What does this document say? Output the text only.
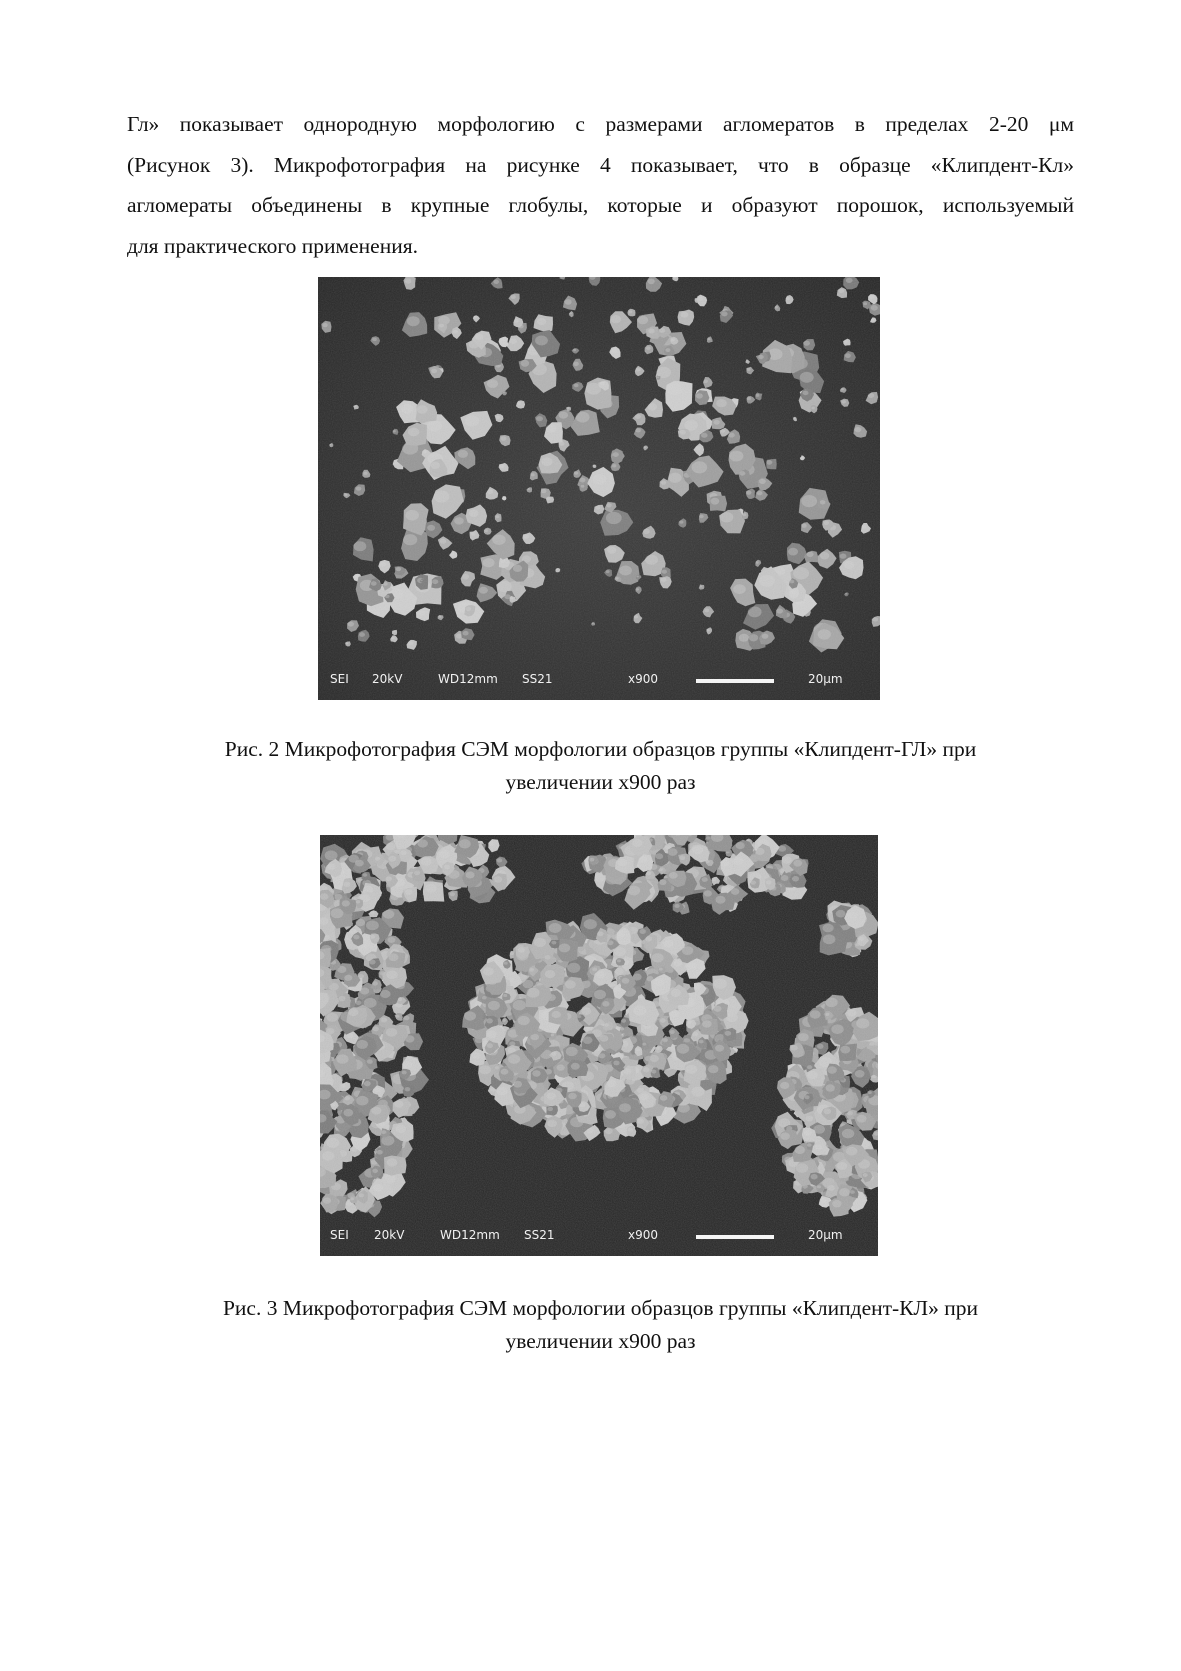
Гл» показывает однородную морфологию с размерами агломератов в пределах 2-20 μм
(Рисунок 3). Микрофотография на рисунке 4 показывает, что в образце «Клипдент-Кл»
агломераты объединены в крупные глобулы, которые и образуют порошок, используемый
для практического применения.

SEI 20kV	WD12mm SS21	x900	20μm

Рис. 2 Микрофотография СЭМ морфологии образцов группы «Клипдент-ГЛ» при
увеличении х900 раз

SEI 20kV	WD12mm SS21	x900	20μm

Рис. 3 Микрофотография СЭМ морфологии образцов группы «Клипдент-КЛ» при
увеличении х900 раз
